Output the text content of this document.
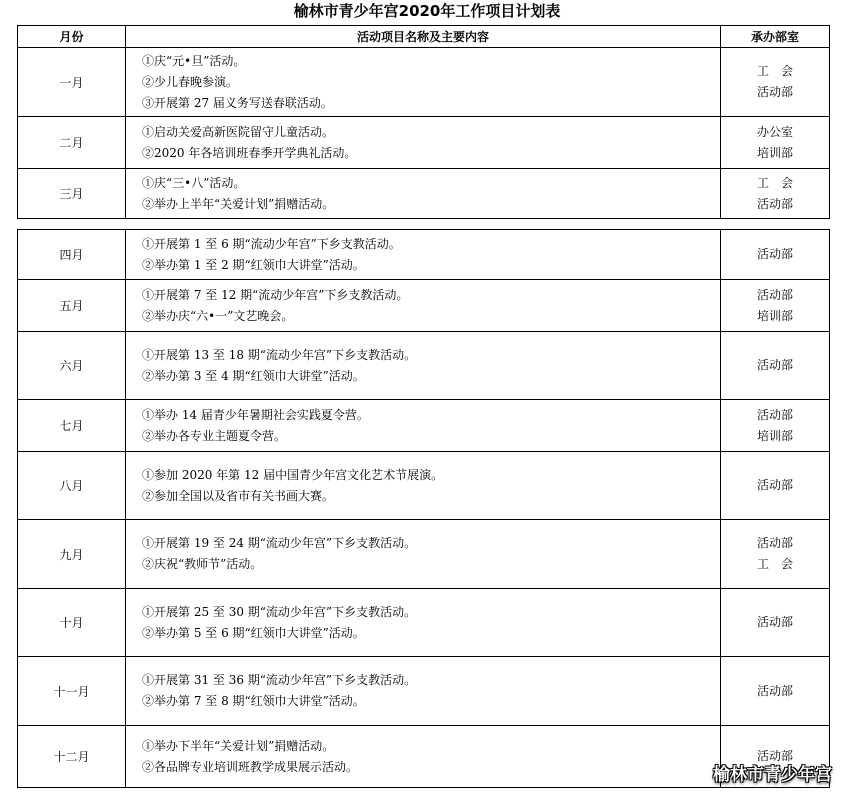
榆林市青少年宫2020年工作项目计划表
月份	活动项目名称及主要内容	承办部室
一月	①庆“元•旦”活动。
②少儿春晚参演。
③开展第 27 届义务写送春联活动。	工　会
活动部

二月	①启动关爱高新医院留守儿童活动。
②2020 年各培训班春季开学典礼活动。	办公室
培训部

三月	①庆“三•八”活动。
②举办上半年“关爱计划”捐赠活动。	工　会
活动部
四月	①开展第 1 至 6 期“流动少年宫”下乡支教活动。
②举办第 1 至 2 期“红领巾大讲堂”活动。	活动部

五月	①开展第 7 至 12 期“流动少年宫”下乡支教活动。
②举办庆“六•一”文艺晚会。	活动部
培训部

六月	①开展第 13 至 18 期“流动少年宫”下乡支教活动。
②举办第 3 至 4 期“红领巾大讲堂”活动。	活动部

七月	①举办 14 届青少年暑期社会实践夏令营。
②举办各专业主题夏令营。	活动部
培训部

八月	①参加 2020 年第 12 届中国青少年宫文化艺术节展演。
②参加全国以及省市有关书画大赛。	活动部

九月	①开展第 19 至 24 期“流动少年宫”下乡支教活动。
②庆祝“教师节”活动。	活动部
工　会

十月	①开展第 25 至 30 期“流动少年宫”下乡支教活动。
②举办第 5 至 6 期“红领巾大讲堂”活动。	活动部

十一月	①开展第 31 至 36 期“流动少年宫”下乡支教活动。
②举办第 7 至 8 期“红领巾大讲堂”活动。	活动部

十二月	①举办下半年“关爱计划”捐赠活动。
②各品牌专业培训班教学成果展示活动。	活动部
榆林市青少年宫
